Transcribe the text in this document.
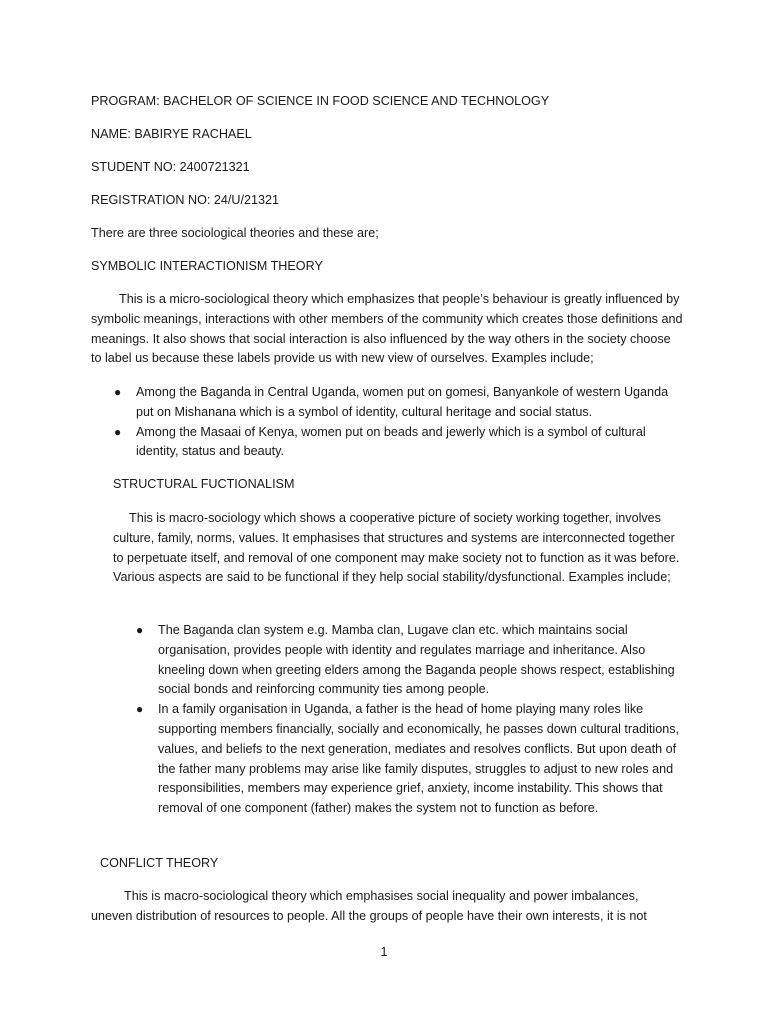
PROGRAM: BACHELOR OF SCIENCE IN FOOD SCIENCE AND TECHNOLOGY

NAME: BABIRYE RACHAEL

STUDENT NO: 2400721321

REGISTRATION NO: 24/U/21321

There are three sociological theories and these are;

SYMBOLIC INTERACTIONISM THEORY

This is a micro-sociological theory which emphasizes that people’s behaviour is greatly influenced by symbolic meanings, interactions with other members of the community which creates those definitions and meanings. It also shows that social interaction is also influenced by the way others in the society choose to label us because these labels provide us with new view of ourselves. Examples include;

● Among the Baganda in Central Uganda, women put on gomesi, Banyankole of western Uganda put on Mishanana which is a symbol of identity, cultural heritage and social status.
● Among the Masaai of Kenya, women put on beads and jewerly which is a symbol of cultural identity, status and beauty.

STRUCTURAL FUCTIONALISM

This is macro-sociology which shows a cooperative picture of society working together, involves culture, family, norms, values. It emphasises that structures and systems are interconnected together to perpetuate itself, and removal of one component may make society not to function as it was before. Various aspects are said to be functional if they help social stability/dysfunctional. Examples include;

● The Baganda clan system e.g. Mamba clan, Lugave clan etc. which maintains social organisation, provides people with identity and regulates marriage and inheritance. Also kneeling down when greeting elders among the Baganda people shows respect, establishing social bonds and reinforcing community ties among people.
● In a family organisation in Uganda, a father is the head of home playing many roles like supporting members financially, socially and economically, he passes down cultural traditions, values, and beliefs to the next generation, mediates and resolves conflicts. But upon death of the father many problems may arise like family disputes, struggles to adjust to new roles and responsibilities, members may experience grief, anxiety, income instability. This shows that removal of one component (father) makes the system not to function as before.

CONFLICT THEORY

This is macro-sociological theory which emphasises social inequality and power imbalances, uneven distribution of resources to people. All the groups of people have their own interests, it is not

1
